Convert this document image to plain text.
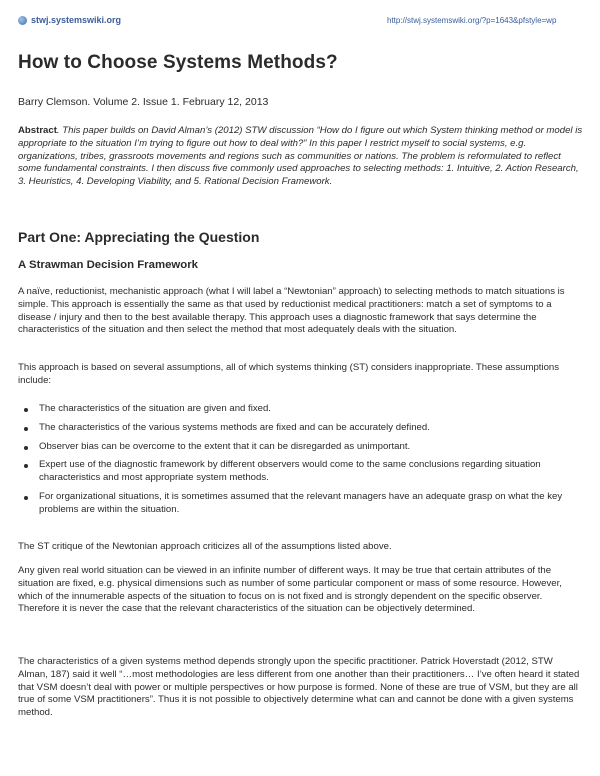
stwj.systemswiki.org	http://stwj.systemswiki.org/?p=1643&pfstyle=wp
How to Choose Systems Methods?
Barry Clemson. Volume 2. Issue 1. February 12, 2013

Abstract. This paper builds on David Alman’s (2012) STW discussion “How do I figure out which System thinking method or model is appropriate to the situation I’m trying to figure out how to deal with?” In this paper I restrict myself to social systems, e.g. organizations, tribes, grassroots movements and regions such as communities or nations. The problem is reformulated to reflect some fundamental constraints. I then discuss five commonly used approaches to selecting methods: 1. Intuitive, 2. Action Research, 3. Heuristics, 4. Developing Viability, and 5. Rational Decision Framework.

Part One: Appreciating the Question
A Strawman Decision Framework

A naïve, reductionist, mechanistic approach (what I will label a “Newtonian” approach) to selecting methods to match situations is simple. This approach is essentially the same as that used by reductionist medical practitioners: match a set of symptoms to a disease / injury and then to the best available therapy. This approach uses a diagnostic framework that says determine the characteristics of the situation and then select the method that most adequately deals with the situation.

This approach is based on several assumptions, all of which systems thinking (ST) considers inappropriate. These assumptions include:

The characteristics of the situation are given and fixed.
The characteristics of the various systems methods are fixed and can be accurately defined.
Observer bias can be overcome to the extent that it can be disregarded as unimportant.
Expert use of the diagnostic framework by different observers would come to the same conclusions regarding situation characteristics and most appropriate system methods.
For organizational situations, it is sometimes assumed that the relevant managers have an adequate grasp on what the key problems are within the situation.

The ST critique of the Newtonian approach criticizes all of the assumptions listed above.

Any given real world situation can be viewed in an infinite number of different ways. It may be true that certain attributes of the situation are fixed, e.g. physical dimensions such as number of some particular component or mass of some resource. However, which of the innumerable aspects of the situation to focus on is not fixed and is strongly dependent on the specific observer. Therefore it is never the case that the relevant characteristics of the situation can be objectively determined.

The characteristics of a given systems method depends strongly upon the specific practitioner. Patrick Hoverstadt (2012, STW Alman, 187) said it well “…most methodologies are less different from one another than their practitioners… I’ve often heard it stated that VSM doesn’t deal with power or multiple perspectives or how purpose is formed. None of these are true of VSM, but they are all true of some VSM practitioners”. Thus it is not possible to objectively determine what can and cannot be done with a given systems method.
